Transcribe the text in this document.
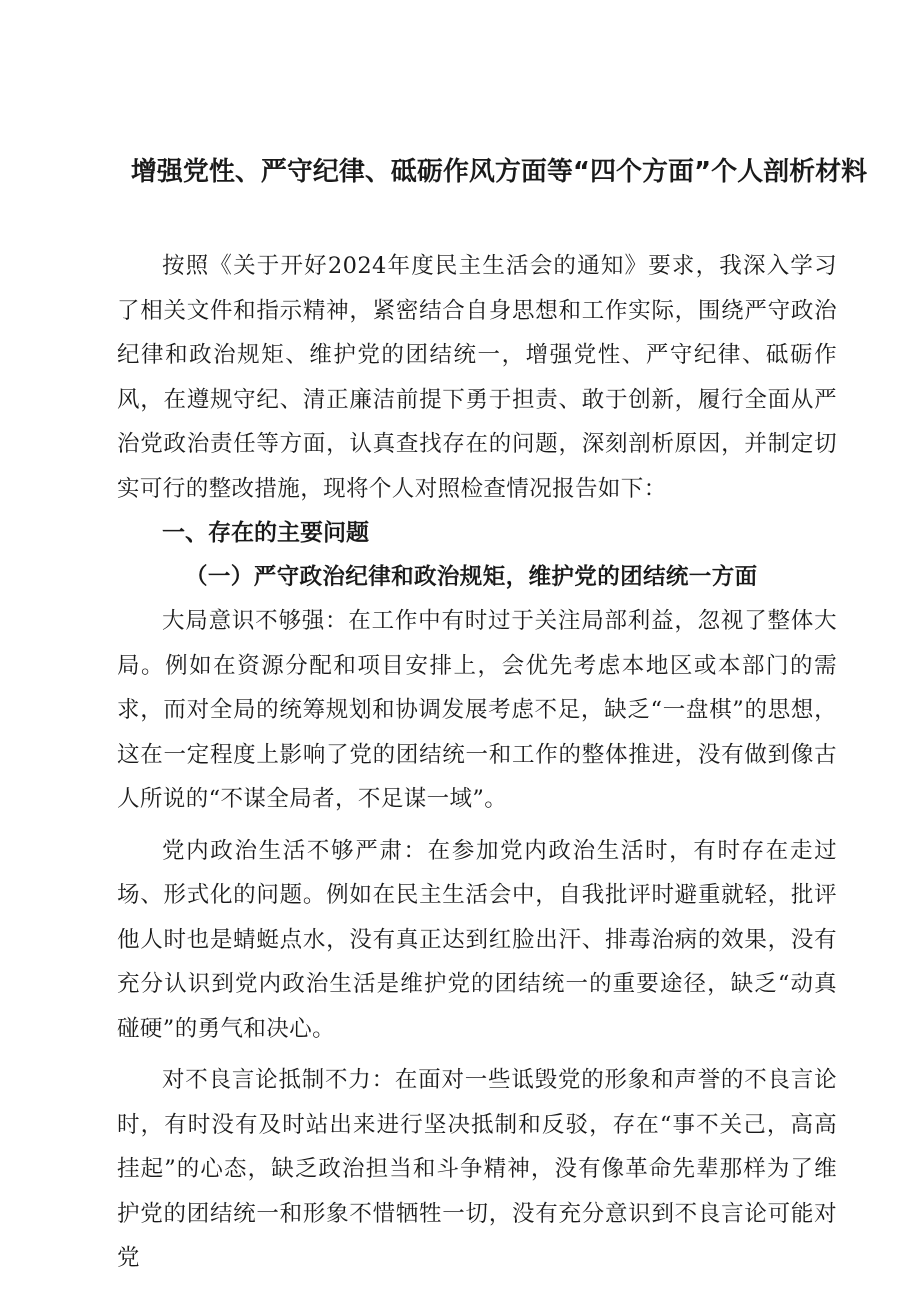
增强党性、严守纪律、砥砺作风方面等“四个方面”个人剖析材料

按照《关于开好2024年度民主生活会的通知》要求，我深入学习了相关文件和指示精神，紧密结合自身思想和工作实际，围绕严守政治纪律和政治规矩、维护党的团结统一，增强党性、严守纪律、砥砺作风，在遵规守纪、清正廉洁前提下勇于担责、敢于创新，履行全面从严治党政治责任等方面，认真查找存在的问题，深刻剖析原因，并制定切实可行的整改措施，现将个人对照检查情况报告如下：

一、存在的主要问题
（一）严守政治纪律和政治规矩，维护党的团结统一方面

大局意识不够强：在工作中有时过于关注局部利益，忽视了整体大局。例如在资源分配和项目安排上，会优先考虑本地区或本部门的需求，而对全局的统筹规划和协调发展考虑不足，缺乏“一盘棋”的思想，这在一定程度上影响了党的团结统一和工作的整体推进，没有做到像古人所说的“不谋全局者，不足谋一域”。

党内政治生活不够严肃：在参加党内政治生活时，有时存在走过场、形式化的问题。例如在民主生活会中，自我批评时避重就轻，批评他人时也是蜻蜓点水，没有真正达到红脸出汗、排毒治病的效果，没有充分认识到党内政治生活是维护党的团结统一的重要途径，缺乏“动真碰硬”的勇气和决心。

对不良言论抵制不力：在面对一些诋毁党的形象和声誉的不良言论时，有时没有及时站出来进行坚决抵制和反驳，存在“事不关己，高高挂起”的心态，缺乏政治担当和斗争精神，没有像革命先辈那样为了维护党的团结统一和形象不惜牺牲一切，没有充分意识到不良言论可能对党
